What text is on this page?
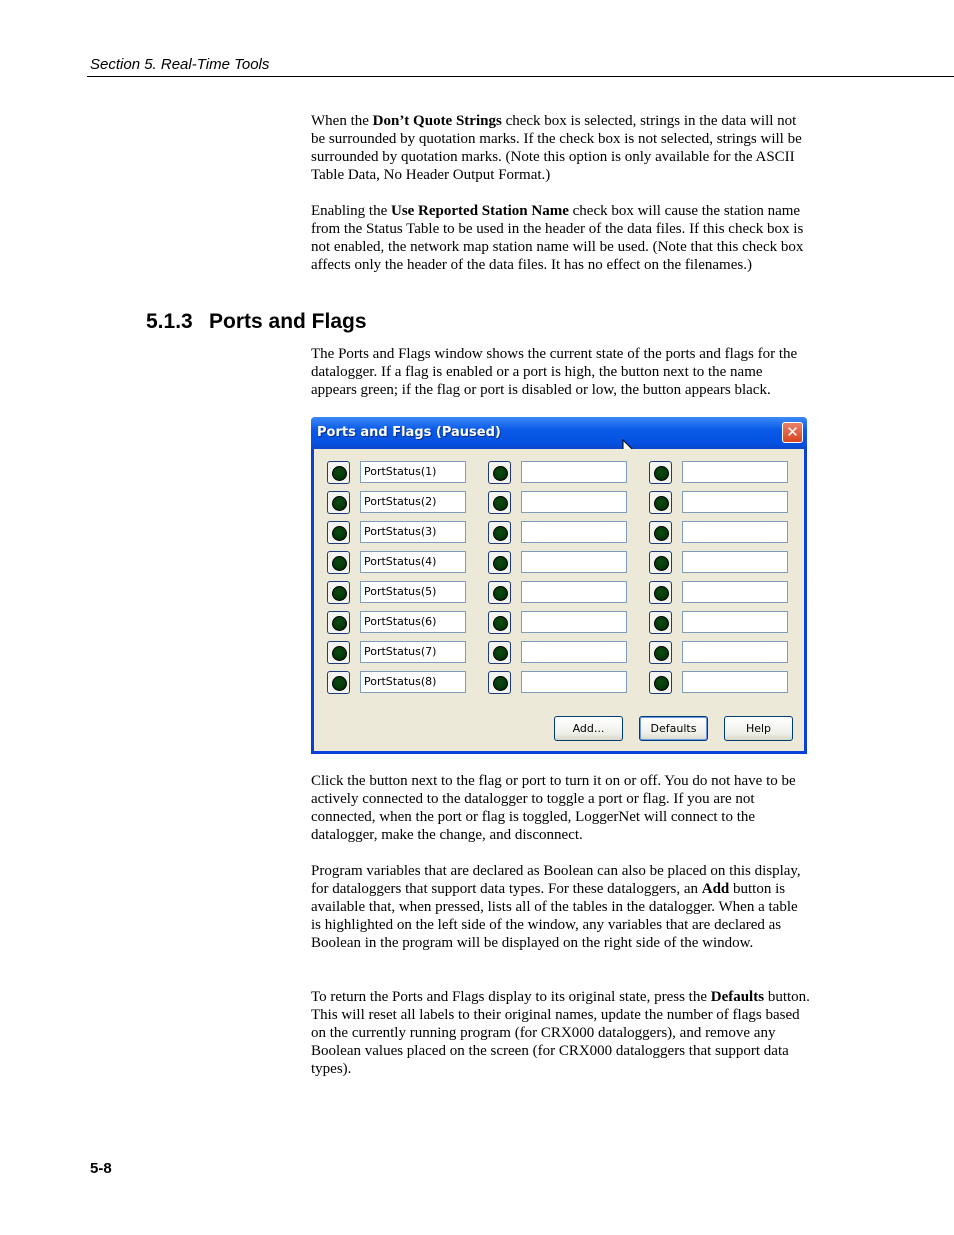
Section 5. Real-Time Tools
When the Don’t Quote Strings check box is selected, strings in the data will not be surrounded by quotation marks. If the check box is not selected, strings will be surrounded by quotation marks. (Note this option is only available for the ASCII Table Data, No Header Output Format.)
Enabling the Use Reported Station Name check box will cause the station name from the Status Table to be used in the header of the data files. If this check box is not enabled, the network map station name will be used. (Note that this check box affects only the header of the data files. It has no effect on the filenames.)
5.1.3 Ports and Flags
The Ports and Flags window shows the current state of the ports and flags for the datalogger. If a flag is enabled or a port is high, the button next to the name appears green; if the flag or port is disabled or low, the button appears black.
Ports and Flags (Paused)	✕
Add...	Defaults	Help
PortStatus(1)
PortStatus(2)
PortStatus(3)
PortStatus(4)
PortStatus(5)
PortStatus(6)
PortStatus(7)
PortStatus(8)
Click the button next to the flag or port to turn it on or off. You do not have to be actively connected to the datalogger to toggle a port or flag. If you are not connected, when the port or flag is toggled, LoggerNet will connect to the datalogger, make the change, and disconnect.
Program variables that are declared as Boolean can also be placed on this display, for dataloggers that support data types. For these dataloggers, an Add button is available that, when pressed, lists all of the tables in the datalogger. When a table is highlighted on the left side of the window, any variables that are declared as Boolean in the program will be displayed on the right side of the window.
To return the Ports and Flags display to its original state, press the Defaults button. This will reset all labels to their original names, update the number of flags based on the currently running program (for CRX000 dataloggers), and remove any Boolean values placed on the screen (for CRX000 dataloggers that support data types).
5-8
